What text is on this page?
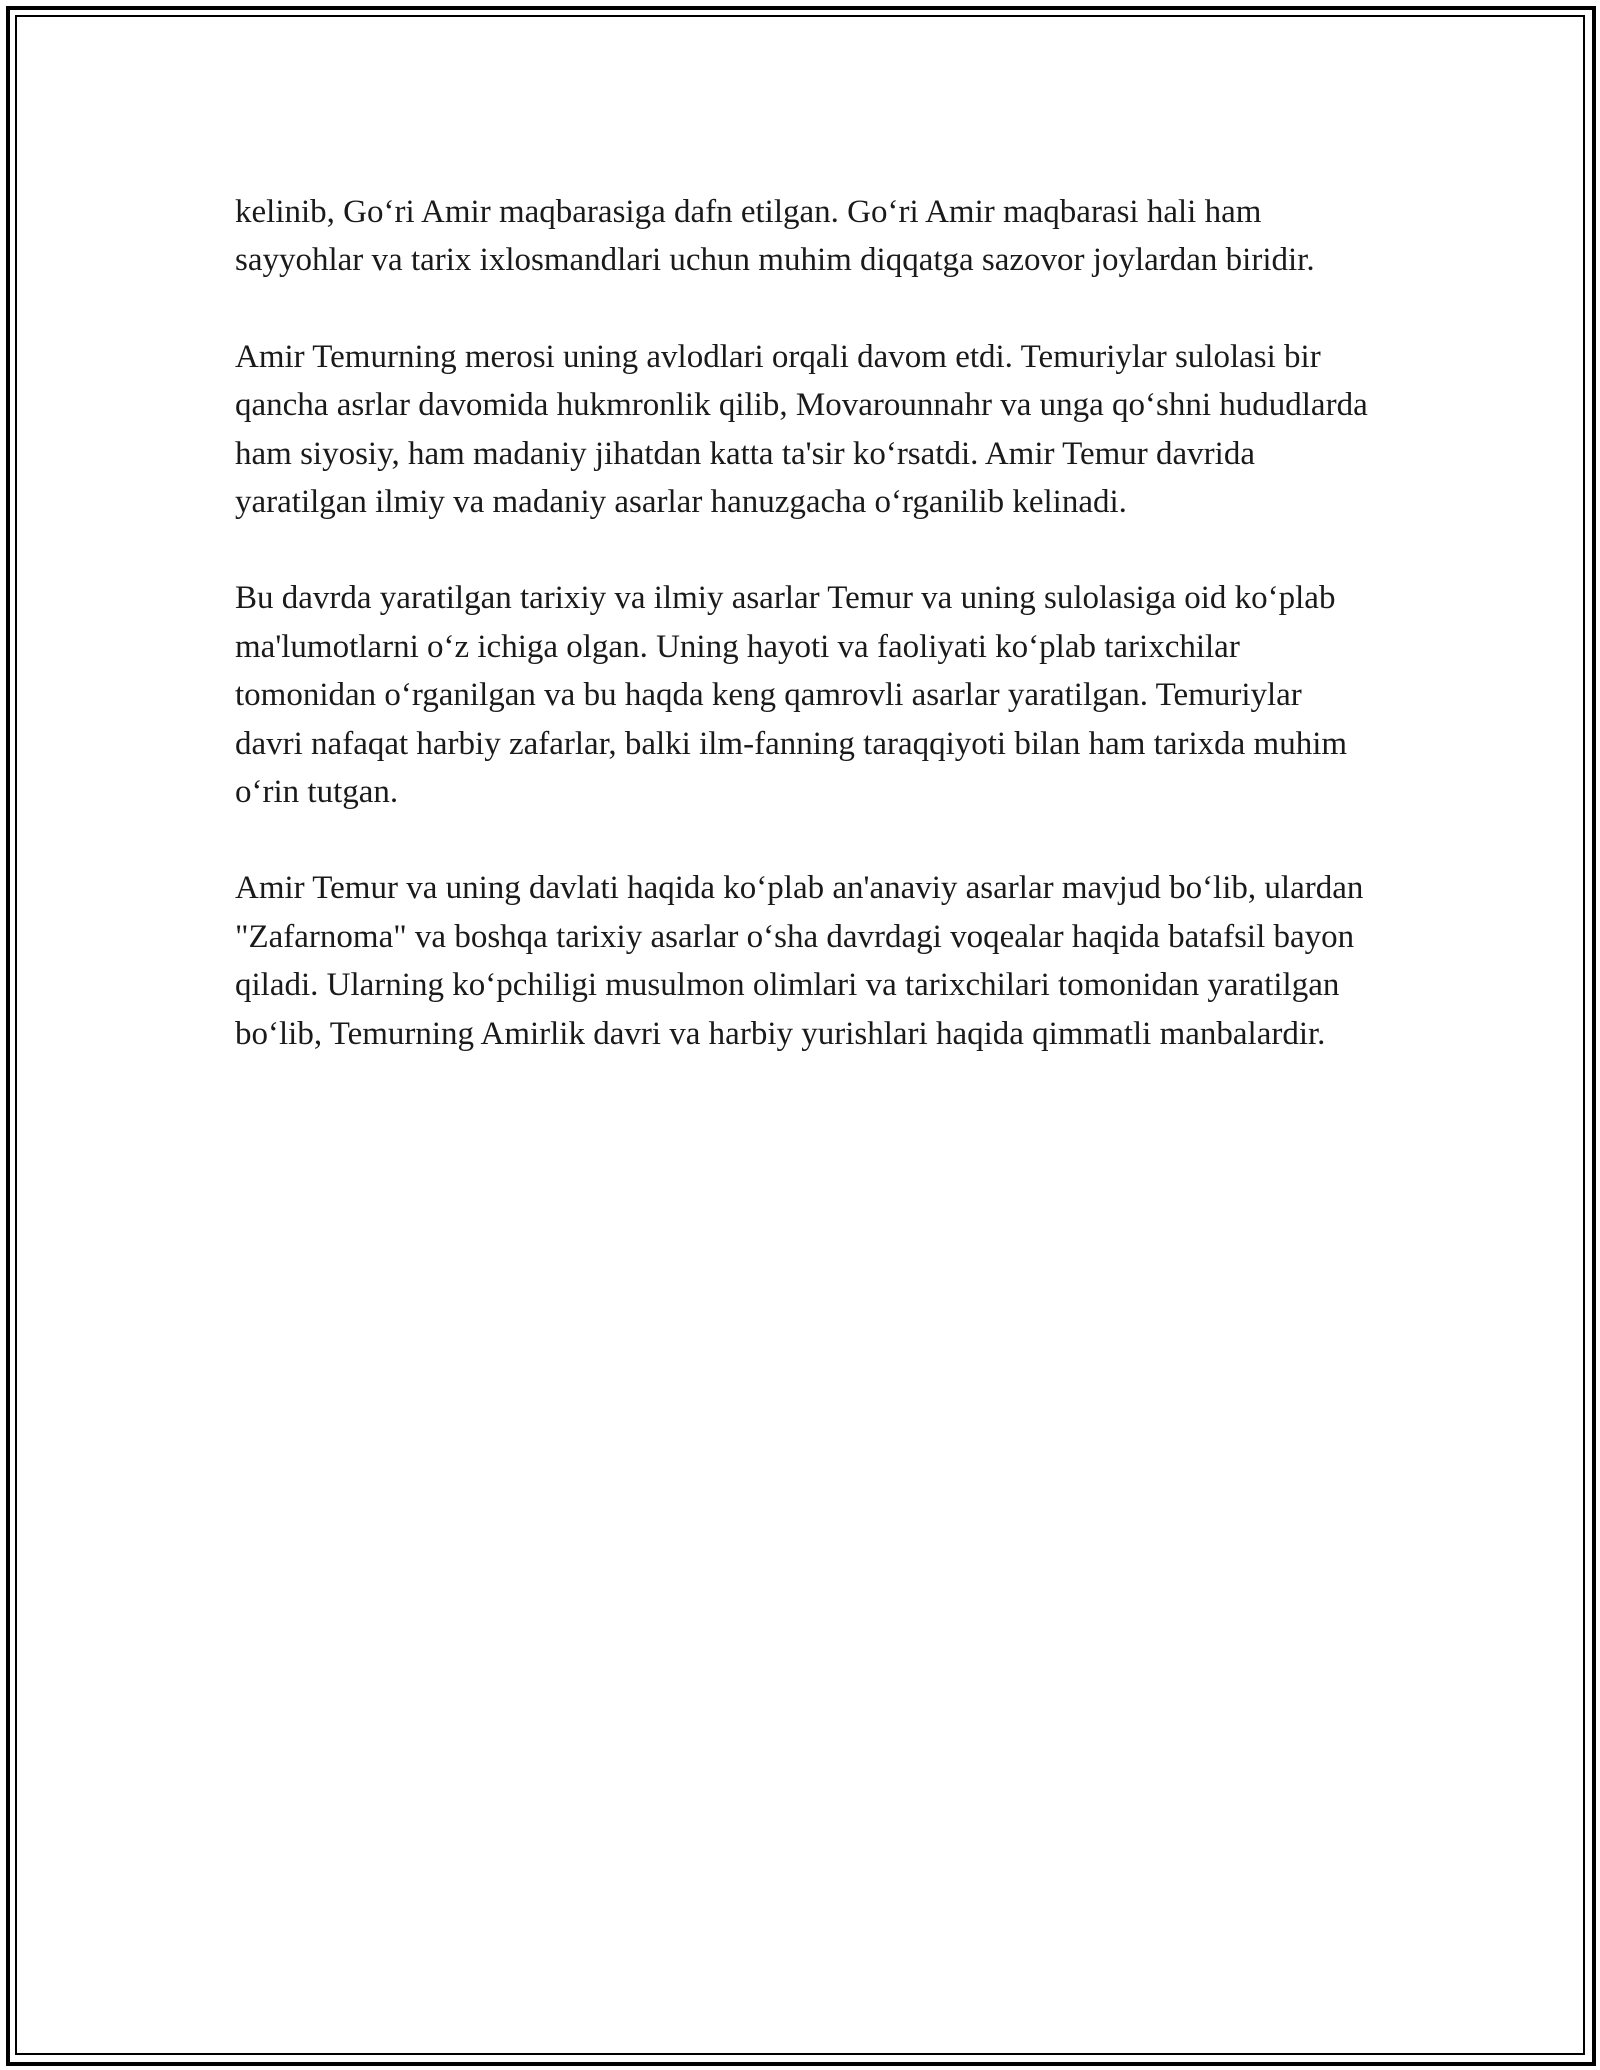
kelinib, Go‘ri Amir maqbarasiga dafn etilgan. Go‘ri Amir maqbarasi hali ham sayyohlar va tarix ixlosmandlari uchun muhim diqqatga sazovor joylardan biridir.

Amir Temurning merosi uning avlodlari orqali davom etdi. Temuriylar sulolasi bir qancha asrlar davomida hukmronlik qilib, Movarounnahr va unga qo‘shni hududlarda ham siyosiy, ham madaniy jihatdan katta ta'sir ko‘rsatdi. Amir Temur davrida yaratilgan ilmiy va madaniy asarlar hanuzgacha o‘rganilib kelinadi.

Bu davrda yaratilgan tarixiy va ilmiy asarlar Temur va uning sulolasiga oid ko‘plab ma'lumotlarni o‘z ichiga olgan. Uning hayoti va faoliyati ko‘plab tarixchilar tomonidan o‘rganilgan va bu haqda keng qamrovli asarlar yaratilgan. Temuriylar davri nafaqat harbiy zafarlar, balki ilm-fanning taraqqiyoti bilan ham tarixda muhim o‘rin tutgan.

Amir Temur va uning davlati haqida ko‘plab an'anaviy asarlar mavjud bo‘lib, ulardan "Zafarnoma" va boshqa tarixiy asarlar o‘sha davrdagi voqealar haqida batafsil bayon qiladi. Ularning ko‘pchiligi musulmon olimlari va tarixchilari tomonidan yaratilgan bo‘lib, Temurning Amirlik davri va harbiy yurishlari haqida qimmatli manbalardir.
